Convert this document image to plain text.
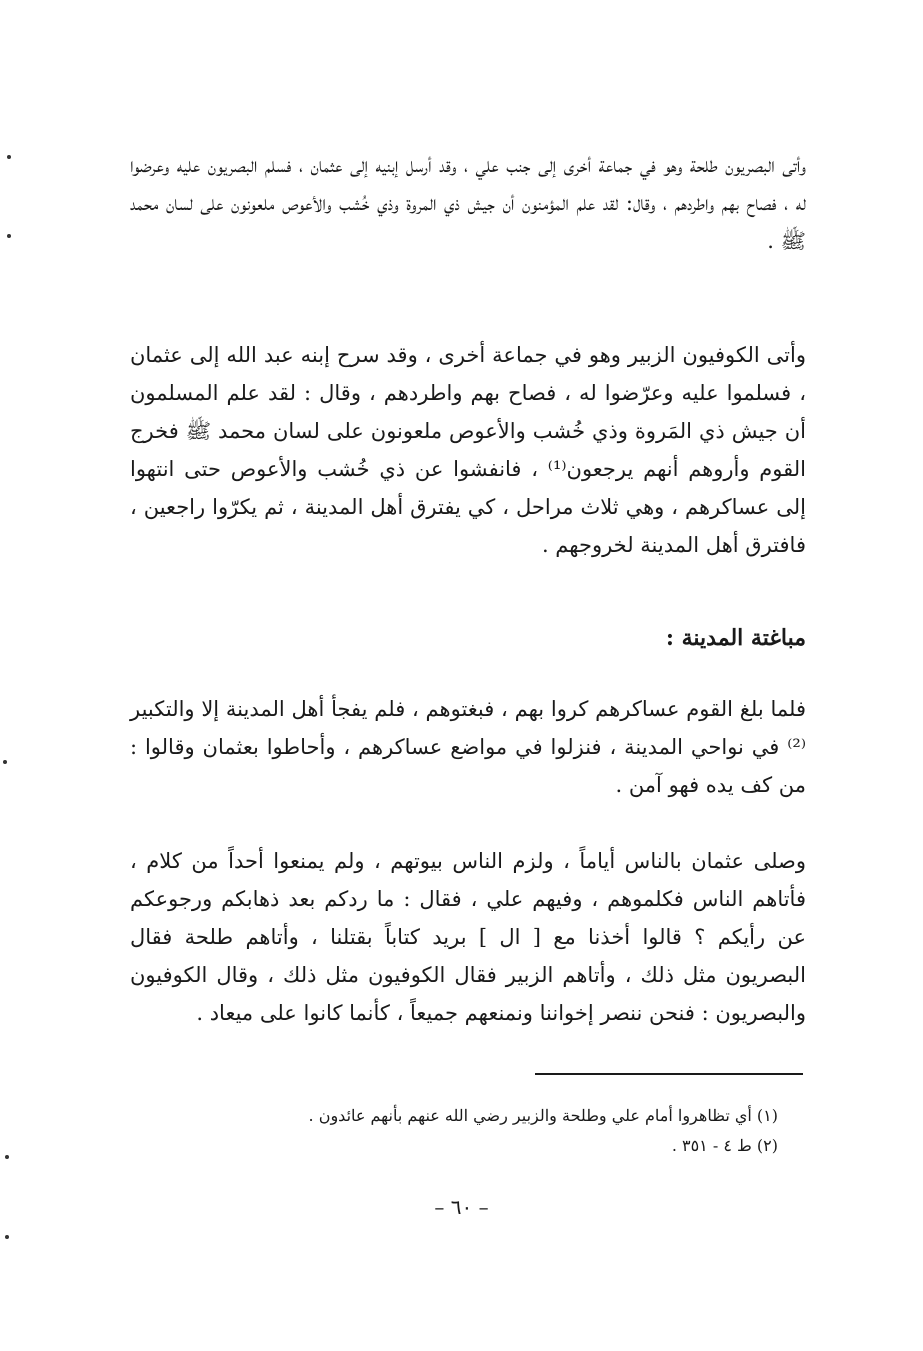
وأتى البصريون طلحة وهو في جماعة أخرى إلى جنب علي ، وقد أرسل إبنيه إلى عثمان ، فسلم البصريون عليه وعرضوا له ، فصاح بهم واطردهم ، وقال: لقد علم المؤمنون أن جيش ذي المروة وذي خُشب والأعوص ملعونون على لسان محمد ﷺ .
وأتى الكوفيون الزبير وهو في جماعة أخرى ، وقد سرح إبنه عبد الله إلى عثمان ، فسلموا عليه وعرّضوا له ، فصاح بهم واطردهم ، وقال : لقد علم المسلمون أن جيش ذي المَروة وذي خُشب والأعوص ملعونون على لسان محمد ﷺ فخرج القوم وأروهم أنهم يرجعون⁽¹⁾ ، فانفشوا عن ذي خُشب والأعوص حتى انتهوا إلى عساكرهم ، وهي ثلاث مراحل ، كي يفترق أهل المدينة ، ثم يكرّوا راجعين ، فافترق أهل المدينة لخروجهم .
مباغتة المدينة :
فلما بلغ القوم عساكرهم كروا بهم ، فبغتوهم ، فلم يفجأ أهل المدينة إلا والتكبير ⁽²⁾ في نواحي المدينة ، فنزلوا في مواضع عساكرهم ، وأحاطوا بعثمان وقالوا : من كف يده فهو آمن .
وصلى عثمان بالناس أياماً ، ولزم الناس بيوتهم ، ولم يمنعوا أحداً من كلام ، فأتاهم الناس فكلموهم ، وفيهم علي ، فقال : ما ردكم بعد ذهابكم ورجوعكم عن رأيكم ؟ قالوا أخذنا مع [ ال ] بريد كتاباً بقتلنا ، وأتاهم طلحة فقال البصريون مثل ذلك ، وأتاهم الزبير فقال الكوفيون مثل ذلك ، وقال الكوفيون والبصريون : فنحن ننصر إخواننا ونمنعهم جميعاً ، كأنما كانوا على ميعاد .
(١) أي تظاهروا أمام علي وطلحة والزبير رضي الله عنهم بأنهم عائدون .
(٢) ط ٤ - ٣٥١ .
– ٦٠ –
